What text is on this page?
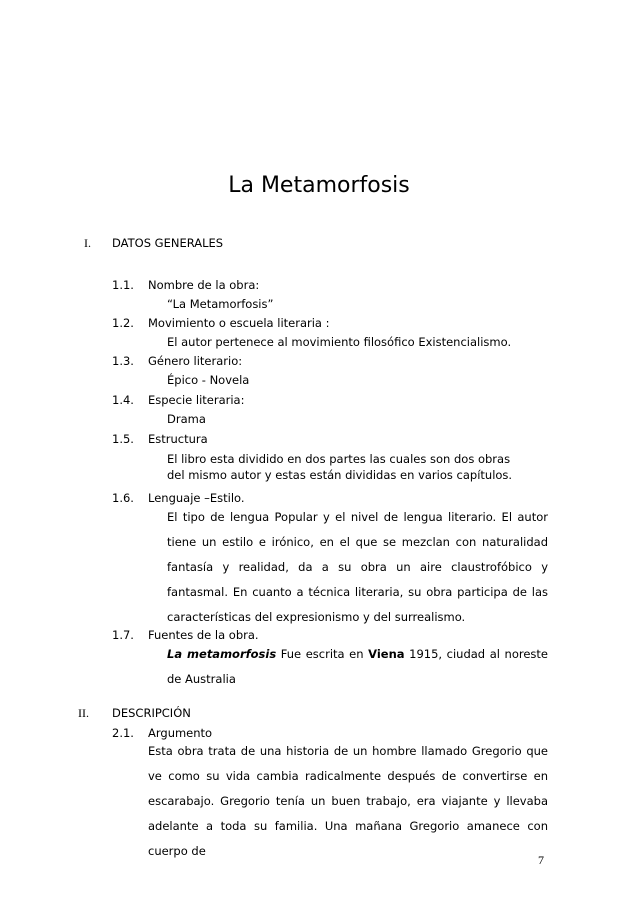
La Metamorfosis
I. DATOS GENERALES
1.1. Nombre de la obra:
“La Metamorfosis”
1.2. Movimiento o escuela literaria :
El autor pertenece al movimiento filosófico Existencialismo.
1.3. Género literario:
Épico - Novela
1.4. Especie literaria:
Drama
1.5. Estructura
El libro esta dividido en dos partes las cuales son dos obras del mismo autor y estas están divididas en varios capítulos.
1.6. Lenguaje –Estilo.
El tipo de lengua Popular y el nivel de lengua literario. El autor tiene un estilo e irónico, en el que se mezclan con naturalidad fantasía y realidad, da a su obra un aire claustrofóbico y fantasmal. En cuanto a técnica literaria, su obra participa de las características del expresionismo y del surrealismo.
1.7. Fuentes de la obra.
La metamorfosis Fue escrita en Viena 1915, ciudad al noreste de Australia
II. DESCRIPCIÓN
2.1. Argumento
Esta obra trata de una historia de un hombre llamado Gregorio que ve como su vida cambia radicalmente después de convertirse en escarabajo. Gregorio tenía un buen trabajo, era viajante y llevaba adelante a toda su familia. Una mañana Gregorio amanece con cuerpo de
7
